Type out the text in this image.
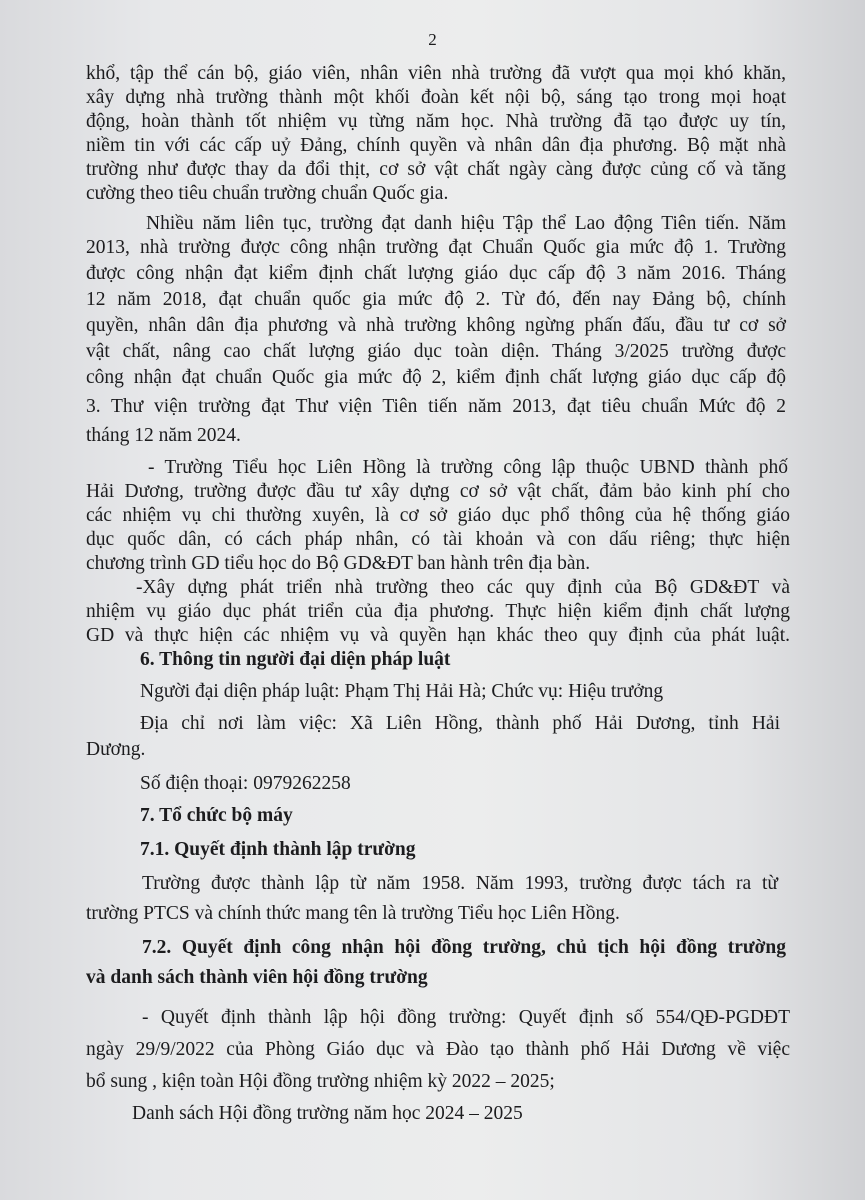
2
khổ, tập thể cán bộ, giáo viên, nhân viên nhà trường đã vượt qua mọi khó khăn,
xây dựng nhà trường thành một khối đoàn kết nội bộ, sáng tạo trong mọi hoạt
động, hoàn thành tốt nhiệm vụ từng năm học. Nhà trường đã tạo được uy tín,
niềm tin với các cấp uỷ Đảng, chính quyền và nhân dân địa phương. Bộ mặt nhà
trường như được thay da đổi thịt, cơ sở vật chất ngày càng được củng cố và tăng
cường theo tiêu chuẩn trường chuẩn Quốc gia.
Nhiều năm liên tục, trường đạt danh hiệu Tập thể Lao động Tiên tiến. Năm
2013, nhà trường được công nhận trường đạt Chuẩn Quốc gia mức độ 1. Trường
được công nhận đạt kiểm định chất lượng giáo dục cấp độ 3 năm 2016. Tháng
12 năm 2018, đạt chuẩn quốc gia mức độ 2. Từ đó, đến nay Đảng bộ, chính
quyền, nhân dân địa phương và nhà trường không ngừng phấn đấu, đầu tư cơ sở
vật chất, nâng cao chất lượng giáo dục toàn diện. Tháng 3/2025 trường được
công nhận đạt chuẩn Quốc gia mức độ 2, kiểm định chất lượng giáo dục cấp độ
3. Thư viện trường đạt Thư viện Tiên tiến năm 2013, đạt tiêu chuẩn Mức độ 2
tháng 12 năm 2024.
- Trường Tiểu học Liên Hồng là trường công lập thuộc UBND thành phố
Hải Dương, trường được đầu tư xây dựng cơ sở vật chất, đảm bảo kinh phí cho
các nhiệm vụ chi thường xuyên, là cơ sở giáo dục phổ thông của hệ thống giáo
dục quốc dân, có cách pháp nhân, có tài khoản và con dấu riêng; thực hiện
chương trình GD tiểu học do Bộ GD&ĐT ban hành trên địa bàn.
-Xây dựng phát triển nhà trường theo các quy định của Bộ GD&ĐT và
nhiệm vụ giáo dục phát triển của địa phương. Thực hiện kiểm định chất lượng
GD và thực hiện các nhiệm vụ và quyền hạn khác theo quy định của phát luật.
6. Thông tin người đại diện pháp luật
Người đại diện pháp luật: Phạm Thị Hải Hà; Chức vụ: Hiệu trưởng
Địa chỉ nơi làm việc: Xã Liên Hồng, thành phố Hải Dương, tỉnh Hải
Dương.
Số điện thoại: 0979262258
7. Tổ chức bộ máy
7.1. Quyết định thành lập trường
Trường được thành lập từ năm 1958. Năm 1993, trường được tách ra từ
trường PTCS và chính thức mang tên là trường Tiểu học Liên Hồng.
7.2. Quyết định công nhận hội đồng trường, chủ tịch hội đồng trường
và danh sách thành viên hội đồng trường
- Quyết định thành lập hội đồng trường: Quyết định số 554/QĐ-PGDĐT
ngày 29/9/2022 của Phòng Giáo dục và Đào tạo thành phố Hải Dương về việc
bổ sung , kiện toàn Hội đồng trường nhiệm kỳ 2022 – 2025;
Danh sách Hội đồng trường năm học 2024 – 2025
